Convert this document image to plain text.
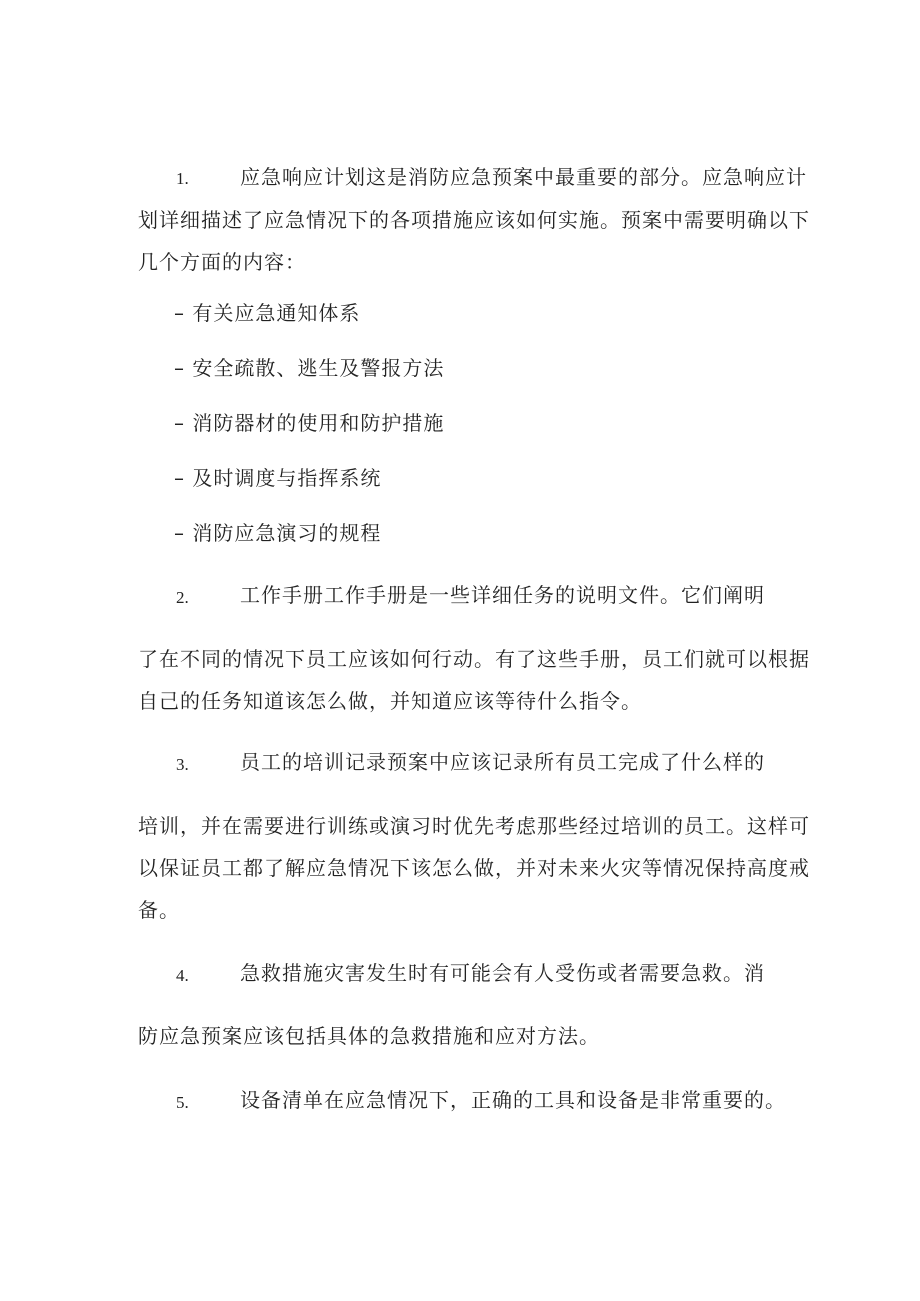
1.	应急响应计划这是消防应急预案中最重要的部分。应急响应计
划详细描述了应急情况下的各项措施应该如何实施。预案中需要明确以下
几个方面的内容：
– 有关应急通知体系
– 安全疏散、逃生及警报方法
– 消防器材的使用和防护措施
– 及时调度与指挥系统
– 消防应急演习的规程
2.	工作手册工作手册是一些详细任务的说明文件。它们阐明
了在不同的情况下员工应该如何行动。有了这些手册，员工们就可以根据
自己的任务知道该怎么做，并知道应该等待什么指令。
3.	员工的培训记录预案中应该记录所有员工完成了什么样的
培训，并在需要进行训练或演习时优先考虑那些经过培训的员工。这样可
以保证员工都了解应急情况下该怎么做，并对未来火灾等情况保持高度戒
备。
4.	急救措施灾害发生时有可能会有人受伤或者需要急救。消
防应急预案应该包括具体的急救措施和应对方法。
5.	设备清单在应急情况下，正确的工具和设备是非常重要的。
